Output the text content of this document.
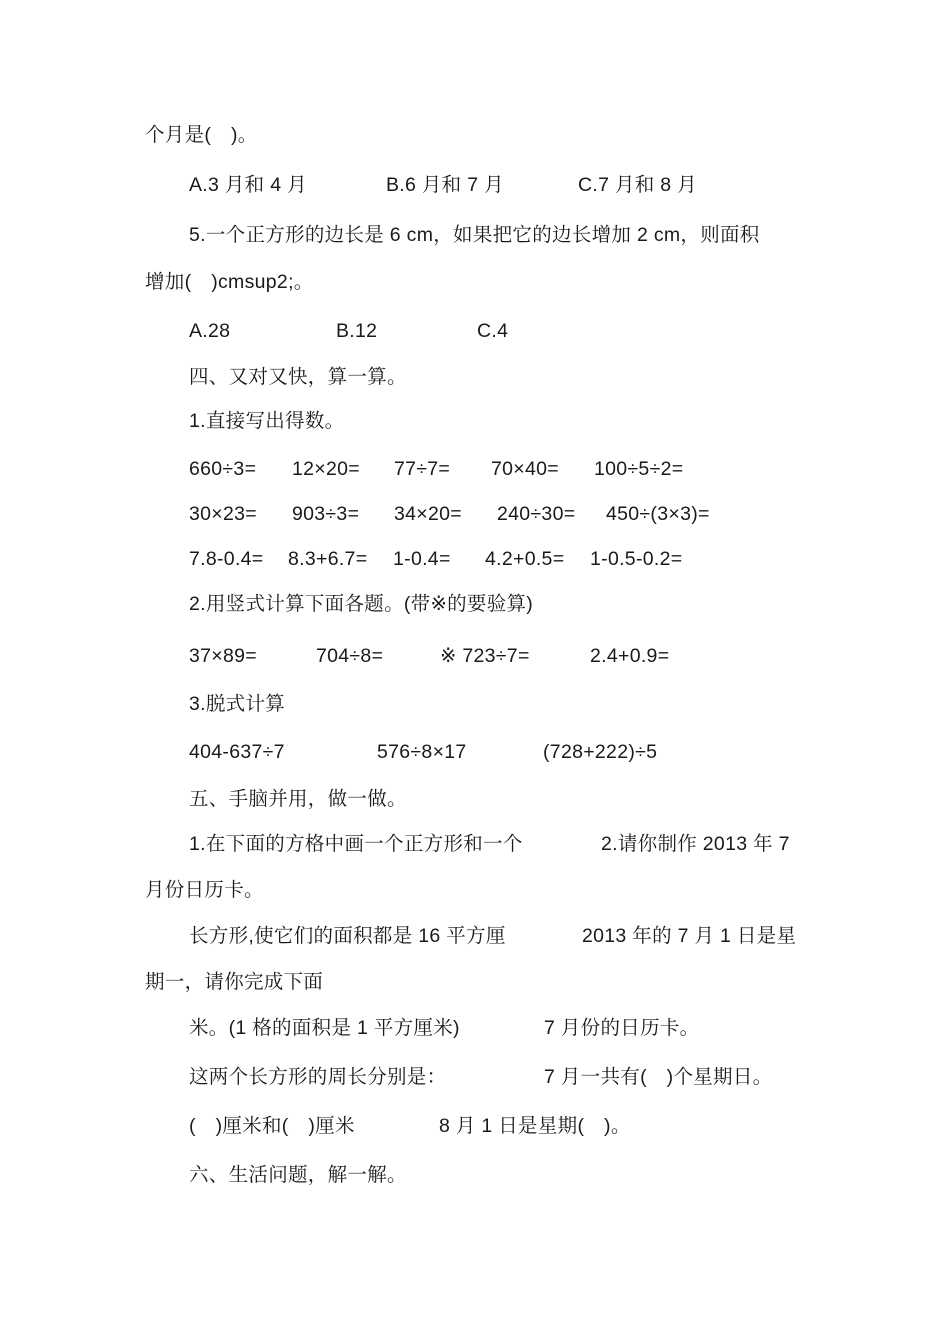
个月是(　)。
A.3 月和 4 月	B.6 月和 7 月	C.7 月和 8 月
5.一个正方形的边长是 6 cm，如果把它的边长增加 2 cm，则面积
增加(　)cmsup2;。
A.28	B.12	C.4
四、又对又快，算一算。
1.直接写出得数。
660÷3= 12×20= 77÷7= 70×40= 100÷5÷2=
30×23= 903÷3= 34×20= 240÷30= 450÷(3×3)=
7.8-0.4= 8.3+6.7= 1-0.4= 4.2+0.5= 1-0.5-0.2=
2.用竖式计算下面各题。(带※的要验算)
37×89=	704÷8=	※ 723÷7=	2.4+0.9=
3.脱式计算
404-637÷7	576÷8×17	(728+222)÷5
五、手脑并用，做一做。
1.在下面的方格中画一个正方形和一个	2.请你制作 2013 年 7
月份日历卡。
长方形,使它们的面积都是 16 平方厘	2013 年的 7 月 1 日是星
期一，请你完成下面
米。(1 格的面积是 1 平方厘米)	7 月份的日历卡。
这两个长方形的周长分别是：	7 月一共有(　)个星期日。
(　)厘米和(　)厘米	8 月 1 日是星期(　)。
六、生活问题，解一解。
